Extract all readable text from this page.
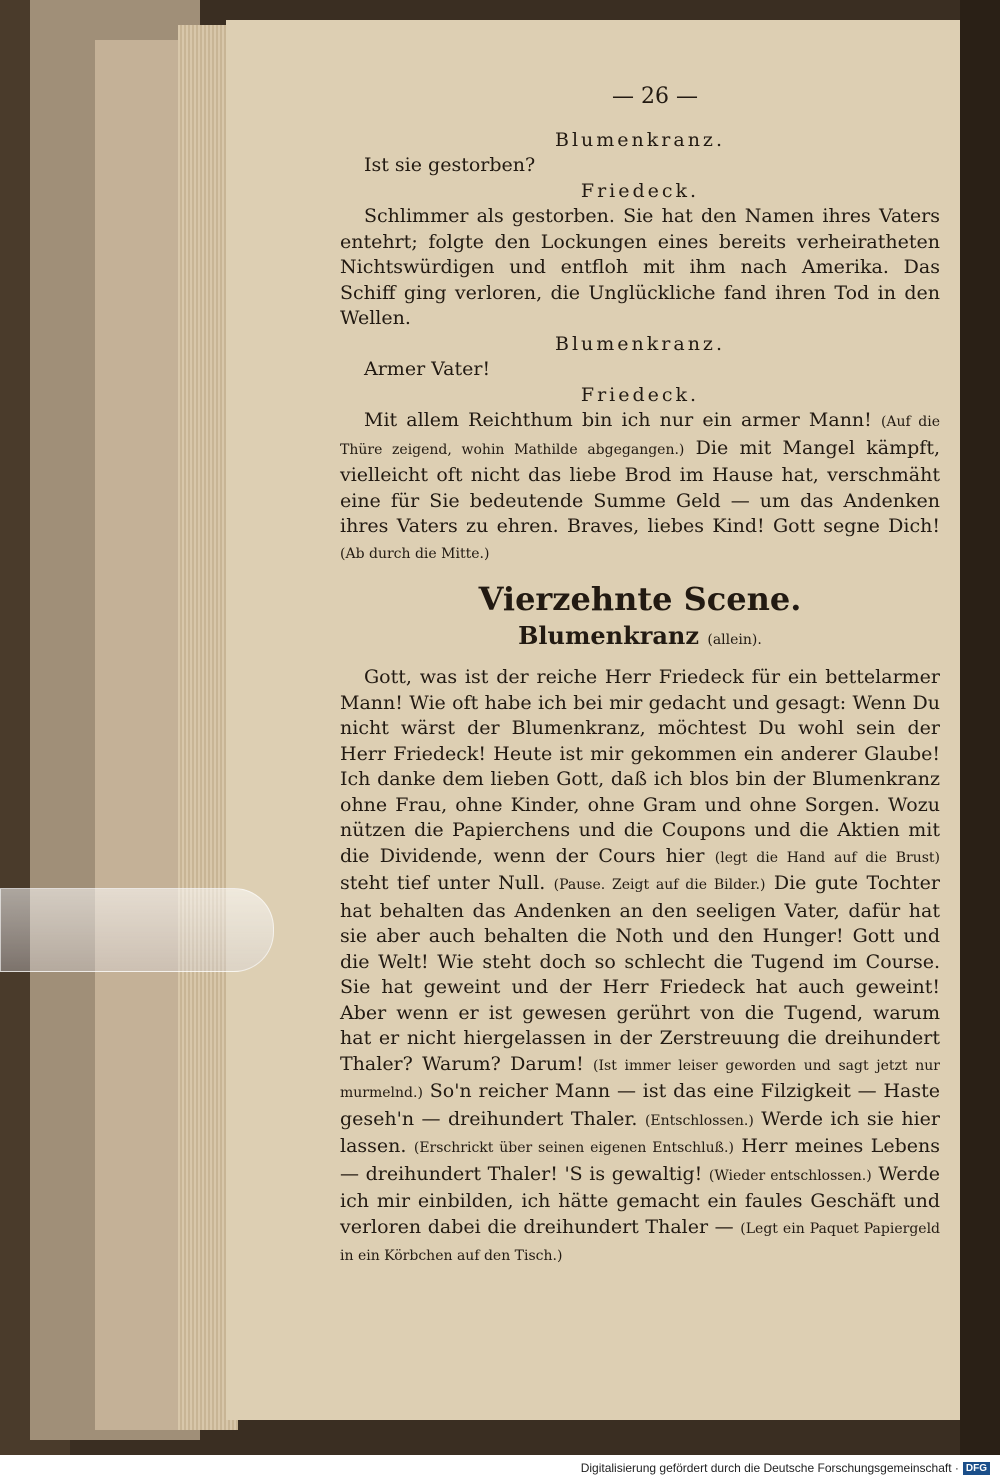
— 26 —

Blumenkranz.

Ist sie gestorben?

Friedeck.

Schlimmer als gestorben. Sie hat den Namen ihres Vaters entehrt; folgte den Lockungen eines bereits verheiratheten Nichtswürdigen und entfloh mit ihm nach Amerika. Das Schiff ging verloren, die Unglückliche fand ihren Tod in den Wellen.

Blumenkranz.

Armer Vater!

Friedeck.

Mit allem Reichthum bin ich nur ein armer Mann! (Auf die Thüre zeigend, wohin Mathilde abgegangen.) Die mit Mangel kämpft, vielleicht oft nicht das liebe Brod im Hause hat, verschmäht eine für Sie bedeutende Summe Geld — um das Andenken ihres Vaters zu ehren. Braves, liebes Kind! Gott segne Dich! (Ab durch die Mitte.)

Vierzehnte Scene.
Blumenkranz (allein).

Gott, was ist der reiche Herr Friedeck für ein bettelarmer Mann! Wie oft habe ich bei mir gedacht und gesagt: Wenn Du nicht wärst der Blumenkranz, möchtest Du wohl sein der Herr Friedeck! Heute ist mir gekommen ein anderer Glaube! Ich danke dem lieben Gott, daß ich blos bin der Blumenkranz ohne Frau, ohne Kinder, ohne Gram und ohne Sorgen. Wozu nützen die Papierchens und die Coupons und die Aktien mit die Dividende, wenn der Cours hier (legt die Hand auf die Brust) steht tief unter Null. (Pause. Zeigt auf die Bilder.) Die gute Tochter hat behalten das Andenken an den seeligen Vater, dafür hat sie aber auch behalten die Noth und den Hunger! Gott und die Welt! Wie steht doch so schlecht die Tugend im Course. Sie hat geweint und der Herr Friedeck hat auch geweint! Aber wenn er ist gewesen gerührt von die Tugend, warum hat er nicht hiergelassen in der Zerstreuung die dreihundert Thaler? Warum? Darum! (Ist immer leiser geworden und sagt jetzt nur murmelnd.) So'n reicher Mann — ist das eine Filzigkeit — Haste geseh'n — dreihundert Thaler. (Entschlossen.) Werde ich sie hier lassen. (Erschrickt über seinen eigenen Entschluß.) Herr meines Lebens — dreihundert Thaler! 'S is gewaltig! (Wieder entschlossen.) Werde ich mir einbilden, ich hätte gemacht ein faules Geschäft und verloren dabei die dreihundert Thaler — (Legt ein Paquet Papiergeld in ein Körbchen auf den Tisch.)

Digitalisierung gefördert durch die Deutsche Forschungsgemeinschaft · DFG
